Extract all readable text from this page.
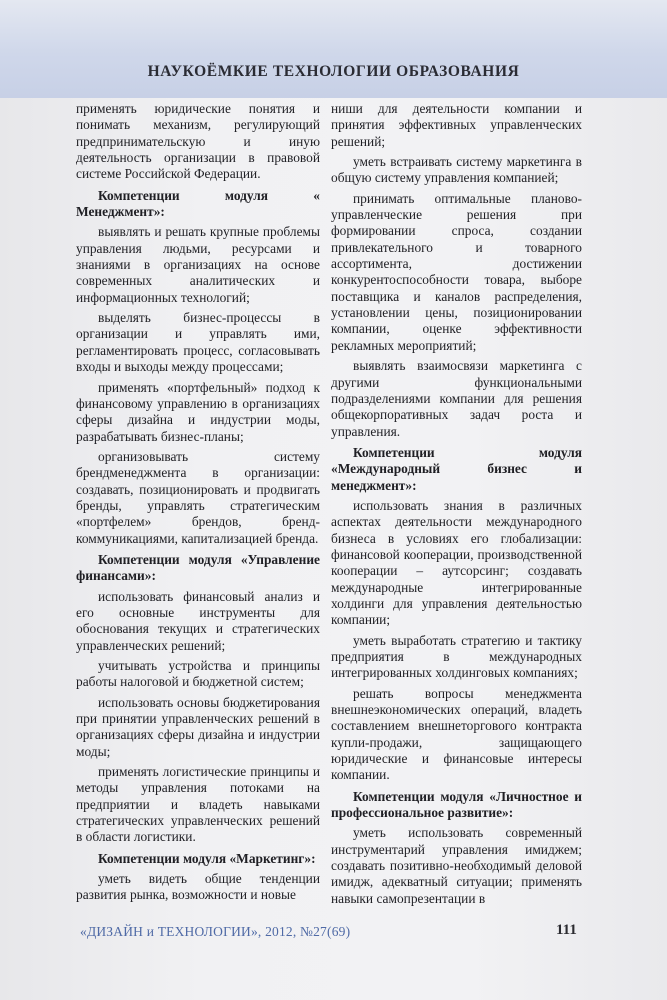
НАУКОЁМКИЕ ТЕХНОЛОГИИ ОБРАЗОВАНИЯ

применять юридические понятия и понимать механизм, регулирующий предпринимательскую и иную деятельность организации в правовой системе Российской Федерации.

Компетенции модуля « Менеджмент»:

выявлять и решать крупные проблемы управления людьми, ресурсами и знаниями в организациях на основе современных аналитических и информационных технологий;

выделять бизнес-процессы в организации и управлять ими, регламентировать процесс, согласовывать входы и выходы между процессами;

применять «портфельный» подход к финансовому управлению в организациях сферы дизайна и индустрии моды, разрабатывать бизнес-планы;

организовывать систему брендменеджмента в организации: создавать, позиционировать и продвигать бренды, управлять стратегическим «портфелем» брендов, бренд-коммуникациями, капитализацией бренда.

Компетенции модуля «Управление финансами»:

использовать финансовый анализ и его основные инструменты для обоснования текущих и стратегических управленческих решений;

учитывать устройства и принципы работы налоговой и бюджетной систем;

использовать основы бюджетирования при принятии управленческих решений в организациях сферы дизайна и индустрии моды;

применять логистические принципы и методы управления потоками на предприятии и владеть навыками стратегических управленческих решений в области логистики.

Компетенции модуля «Маркетинг»:

уметь видеть общие тенденции развития рынка, возможности и новые

ниши для деятельности компании и принятия эффективных управленческих решений;

уметь встраивать систему маркетинга в общую систему управления компанией;

принимать оптимальные планово-управленческие решения при формировании спроса, создании привлекательного и товарного ассортимента, достижении конкурентоспособности товара, выборе поставщика и каналов распределения, установлении цены, позиционировании компании, оценке эффективности рекламных мероприятий;

выявлять взаимосвязи маркетинга с другими функциональными подразделениями компании для решения общекорпоративных задач роста и управления.

Компетенции модуля «Международный бизнес и менеджмент»:

использовать знания в различных аспектах деятельности международного бизнеса в условиях его глобализации: финансовой кооперации, производственной кооперации – аутсорсинг; создавать международные интегрированные холдинги для управления деятельностью компании;

уметь выработать стратегию и тактику предприятия в международных интегрированных холдинговых компаниях;

решать вопросы менеджмента внешнеэкономических операций, владеть составлением внешнеторгового контракта купли-продажи, защищающего юридические и финансовые интересы компании.

Компетенции модуля «Личностное и профессиональное развитие»:

уметь использовать современный инструментарий управления имиджем; создавать позитивно-необходимый деловой имидж, адекватный ситуации; применять навыки самопрезентации в

«ДИЗАЙН и ТЕХНОЛОГИИ», 2012, №27(69)	111
